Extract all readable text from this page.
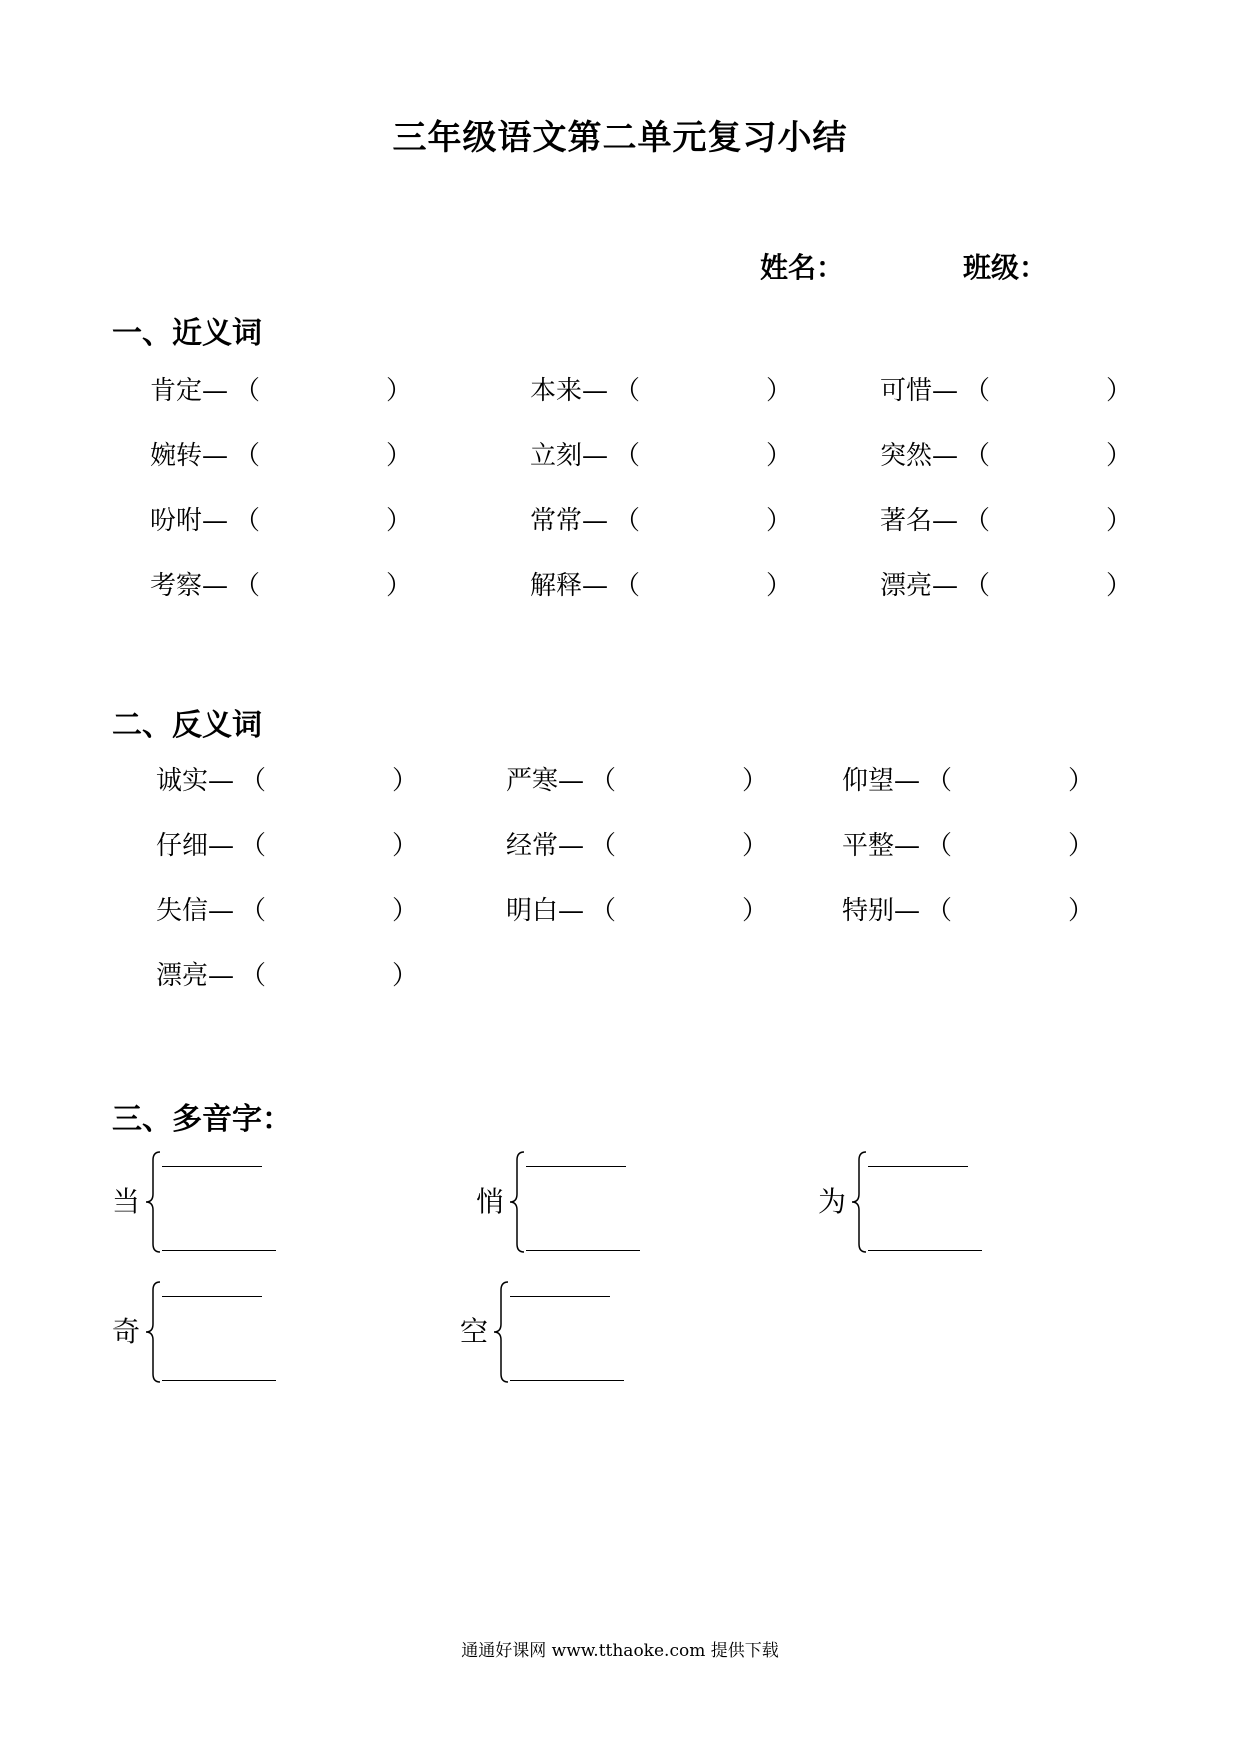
三年级语文第二单元复习小结
姓名：	班级：
一、近义词
肯定— （	）	本来— （	）	可惜— （	）
婉转— （	）	立刻— （	）	突然— （	）
吩咐— （	）	常常— （	）	著名— （	）
考察— （	）	解释— （	）	漂亮— （	）
二、反义词
诚实— （	）	严寒— （	）	仰望— （	）
仔细— （	）	经常— （	）	平整— （	）
失信— （	）	明白— （	）	特别— （	）
漂亮— （	）
三、多音字：
当	悄	为
奇	空
通通好课网 www.tthaoke.com 提供下载
